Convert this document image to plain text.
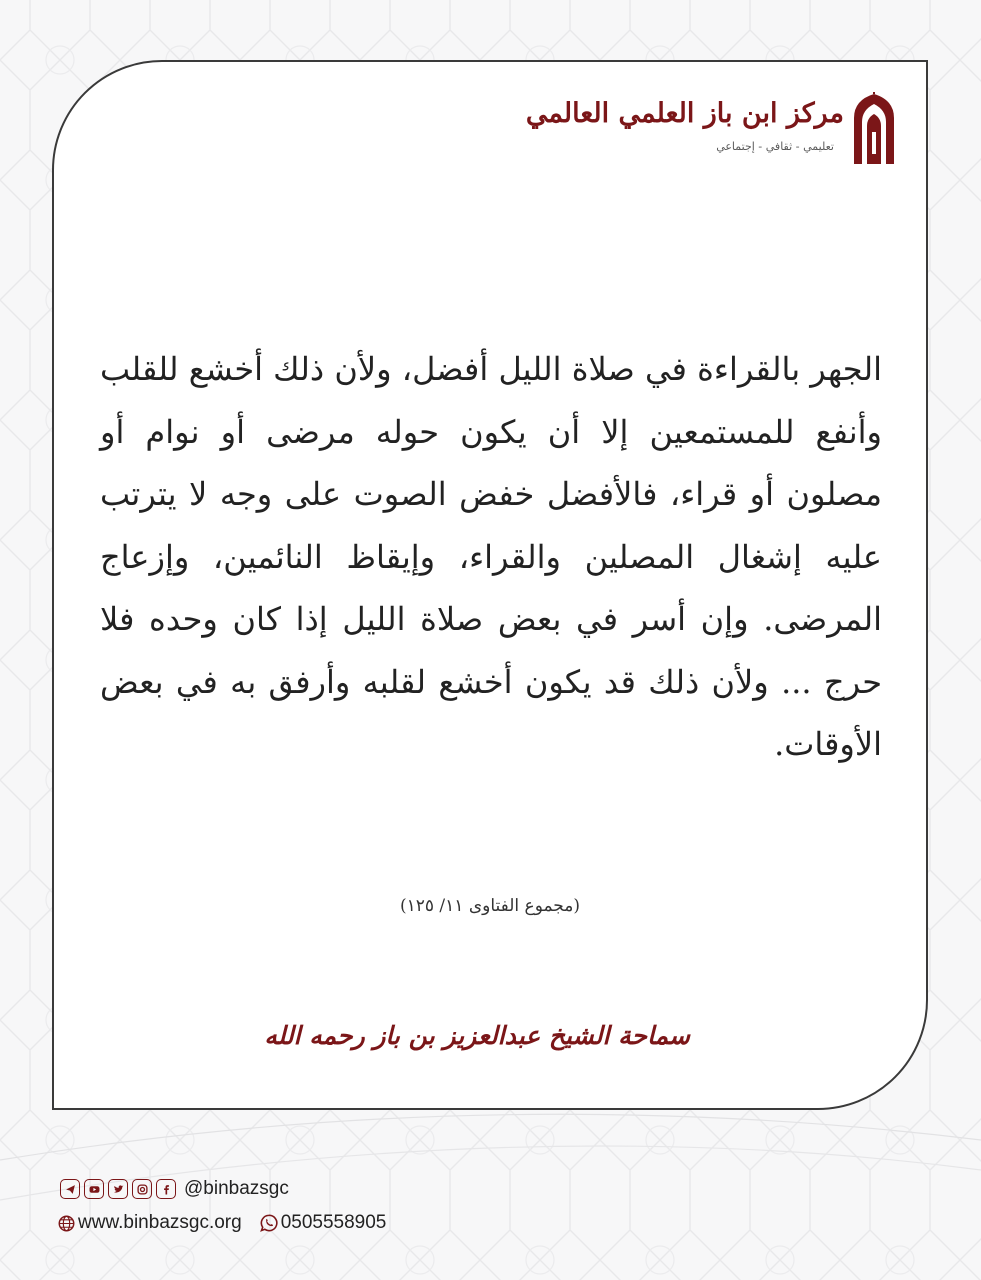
مركز ابن باز العلمي العالمي
تعليمي - ثقافي - إجتماعي
الجهر بالقراءة في صلاة الليل أفضل، ولأن ذلك أخشع للقلب وأنفع للمستمعين إلا أن يكون حوله مرضى أو نوام أو مصلون أو قراء، فالأفضل خفض الصوت على وجه لا يترتب عليه إشغال المصلين والقراء، وإيقاظ النائمين، وإزعاج المرضى. وإن أسر في بعض صلاة الليل إذا كان وحده فلا حرج ... ولأن ذلك قد يكون أخشع لقلبه وأرفق به في بعض الأوقات.
(مجموع الفتاوى ١١/ ١٢٥)
سماحة الشيخ عبدالعزيز بن باز رحمه الله
@binbazsgc
www.binbazsgc.org 0505558905
